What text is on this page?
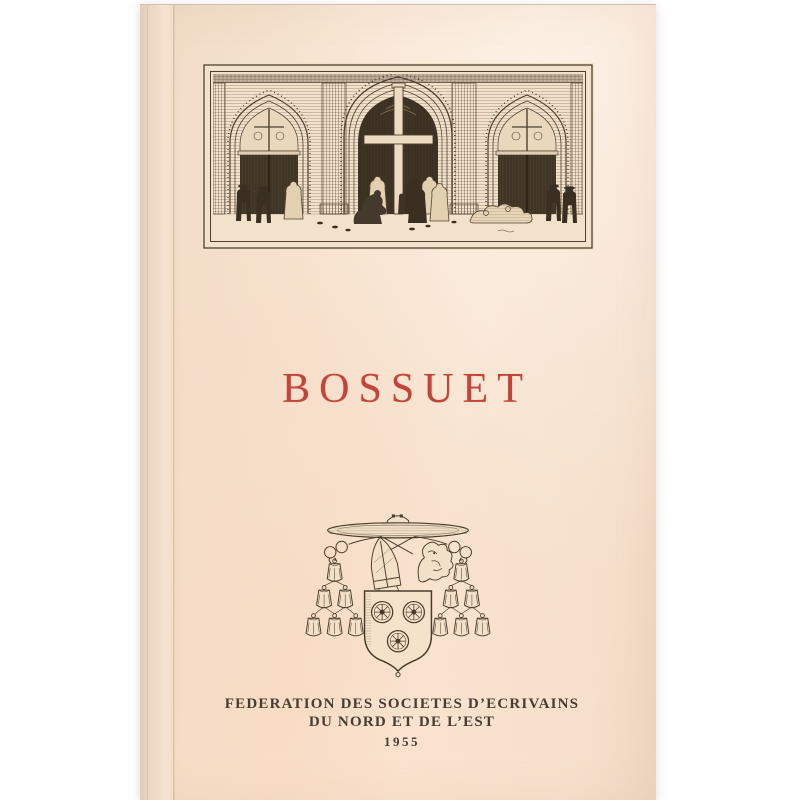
BOSSUET
FEDERATION DES SOCIETES D’ECRIVAINS
DU NORD ET DE L’EST
1955
